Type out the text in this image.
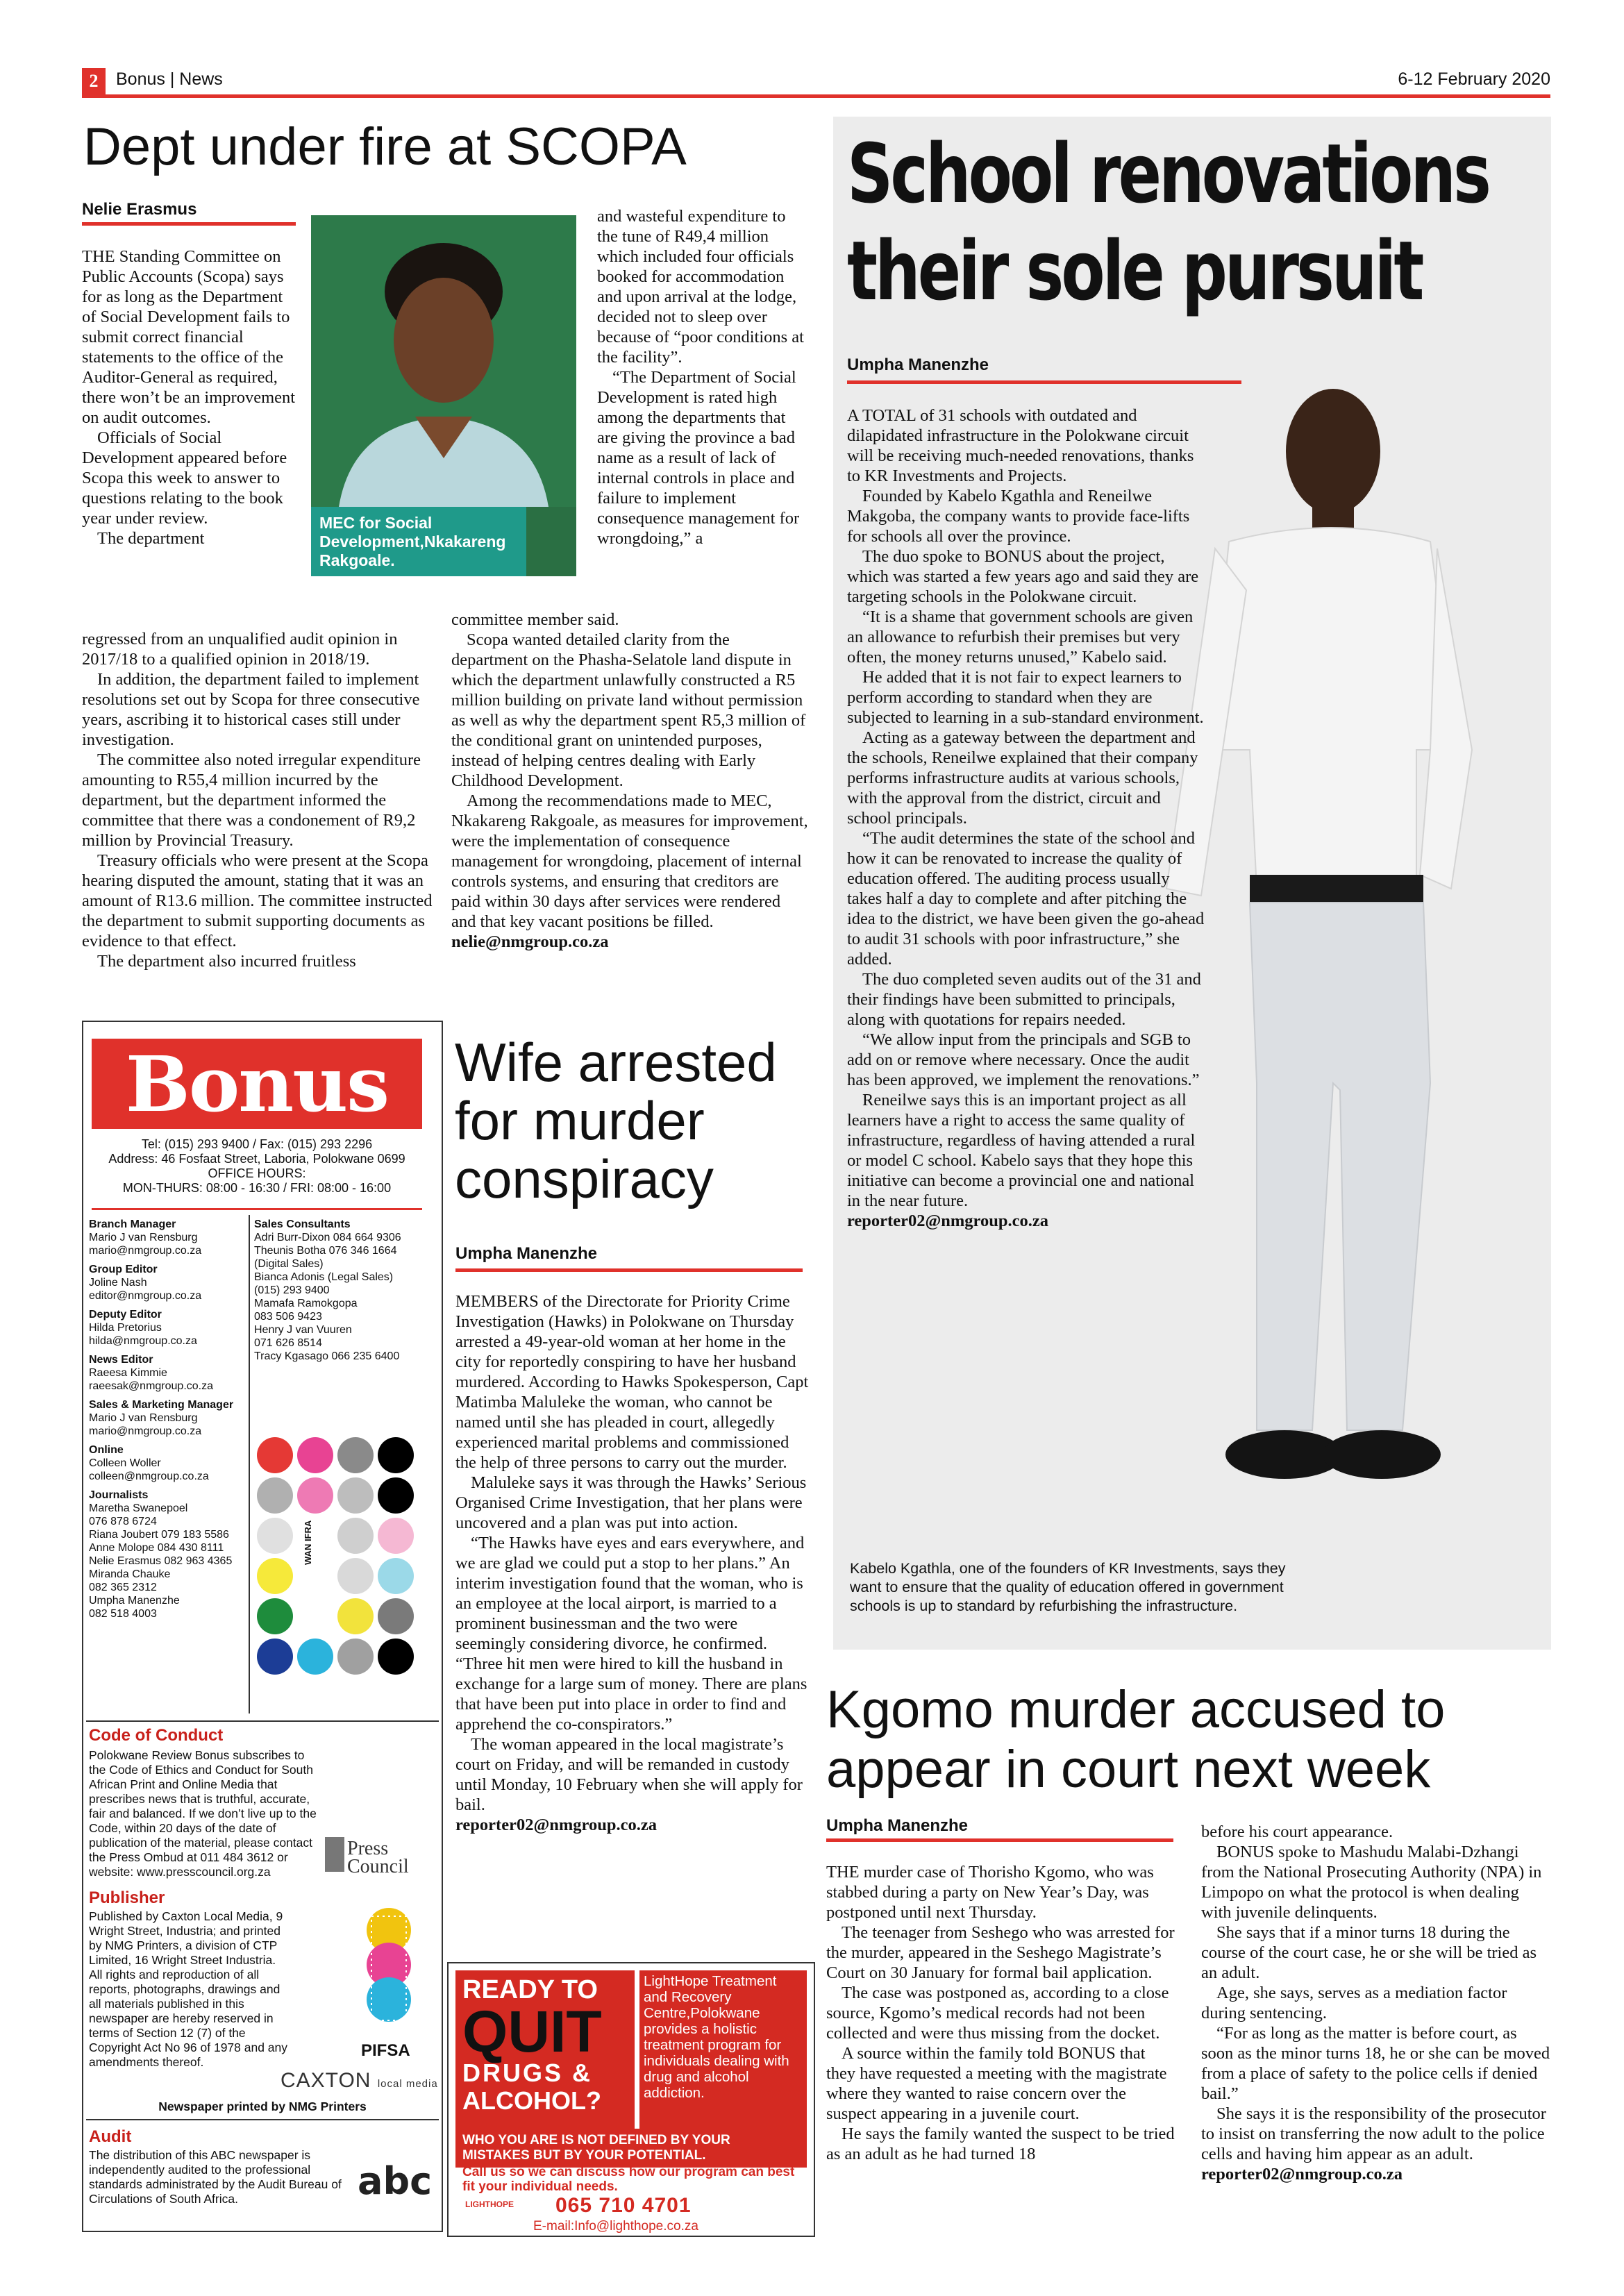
2	Bonus | News	6-12 February 2020
Dept under fire at SCOPA
Nelie Erasmus
MEC for Social Development,Nkakareng Rakgoale.

THE Standing Committee on Public Accounts (Scopa) says for as long as the Department of Social Development fails to submit correct financial statements to the office of the Auditor-General as required, there won’t be an improvement on audit outcomes.

Officials of Social Development appeared before Scopa this week to answer to questions relating to the book year under review.

The department

regressed from an unqualified audit opinion in 2017/18 to a qualified opinion in 2018/19.

In addition, the department failed to implement resolutions set out by Scopa for three consecutive years, ascribing it to historical cases still under investigation.

The committee also noted irregular expenditure amounting to R55,4 million incurred by the department, but the department informed the committee that there was a condonement of R9,2 million by Provincial Treasury.

Treasury officials who were present at the Scopa hearing disputed the amount, stating that it was an amount of R13.6 million. The committee instructed the department to submit supporting documents as evidence to that effect.

The department also incurred fruitless

and wasteful expenditure to the tune of R49,4 million which included four officials booked for accommodation and upon arrival at the lodge, decided not to sleep over because of “poor conditions at the facility”.

“The Department of Social Development is rated high among the departments that are giving the province a bad name as a result of lack of internal controls in place and failure to implement consequence management for wrongdoing,” a

committee member said.

Scopa wanted detailed clarity from the department on the Phasha-Selatole land dispute in which the department unlawfully constructed a R5 million building on private land without permission as well as why the department spent R5,3 million of the conditional grant on unintended purposes, instead of helping centres dealing with Early Childhood Development.

Among the recommendations made to MEC, Nkakareng Rakgoale, as measures for improvement, were the implementation of consequence management for wrongdoing, placement of internal controls systems, and ensuring that creditors are paid within 30 days after services were rendered and that key vacant positions be filled.

nelie@nmgroup.co.za

School renovations
their sole pursuit
Umpha Manenzhe

A TOTAL of 31 schools with outdated and dilapidated infrastructure in the Polokwane circuit will be receiving much-needed renovations, thanks to KR Investments and Projects.

Founded by Kabelo Kgathla and Reneilwe Makgoba, the company wants to provide face-lifts for schools all over the province.

The duo spoke to BONUS about the project, which was started a few years ago and said they are targeting schools in the Polokwane circuit.

“It is a shame that government schools are given an allowance to refurbish their premises but very often, the money returns unused,” Kabelo said.

He added that it is not fair to expect learners to perform according to standard when they are subjected to learning in a sub-standard environment.

Acting as a gateway between the department and the schools, Reneilwe explained that their company performs infrastructure audits at various schools, with the approval from the district, circuit and school principals.

“The audit determines the state of the school and how it can be renovated to increase the quality of education offered. The auditing process usually takes half a day to complete and after pitching the idea to the district, we have been given the go-ahead to audit 31 schools with poor infrastructure,” she added.

The duo completed seven audits out of the 31 and their findings have been submitted to principals, along with quotations for repairs needed.

“We allow input from the principals and SGB to add on or remove where necessary. Once the audit has been approved, we implement the renovations.”

Reneilwe says this is an important project as all learners have a right to access the same quality of infrastructure, regardless of having attended a rural or model C school. Kabelo says that they hope this initiative can become a provincial one and national in the near future.

reporter02@nmgroup.co.za

Kabelo Kgathla, one of the founders of KR Investments, says they want to ensure that the quality of education offered in government schools is up to standard by refurbishing the infrastructure.
Bonus
Tel: (015) 293 9400 / Fax: (015) 293 2296
Address: 46 Fosfaat Street, Laboria, Polokwane 0699
OFFICE HOURS:
MON-THURS: 08:00 - 16:30 / FRI: 08:00 - 16:00
Branch Manager
Mario J van Rensburg
mario@nmgroup.co.za
Group Editor
Joline Nash
editor@nmgroup.co.za
Deputy Editor
Hilda Pretorius
hilda@nmgroup.co.za
News Editor
Raeesa Kimmie
raeesak@nmgroup.co.za
Sales & Marketing Manager
Mario J van Rensburg
mario@nmgroup.co.za
Online
Colleen Woller
colleen@nmgroup.co.za
Journalists
Maretha Swanepoel
076 878 6724
Riana Joubert 079 183 5586
Anne Molope 084 430 8111
Nelie Erasmus 082 963 4365
Miranda Chauke
082 365 2312
Umpha Manenzhe
082 518 4003
Sales Consultants
Adri Burr-Dixon 084 664 9306
Theunis Botha 076 346 1664
(Digital Sales)
Bianca Adonis (Legal Sales)
(015) 293 9400
Mamafa Ramokgopa
083 506 9423
Henry J van Vuuren
071 626 8514
Tracy Kgasago 066 235 6400
WAN IFRA
Code of Conduct
Polokwane Review Bonus subscribes to the Code of Ethics and Conduct for South African Print and Online Media that prescribes news that is truthful, accurate, fair and balanced. If we don’t live up to the Code, within 20 days of the date of publication of the material, please contact the Press Ombud at 011 484 3612 or website: www.presscouncil.org.za
Press Council
Publisher
Published by Caxton Local Media, 9 Wright Street, Industria; and printed by NMG Printers, a division of CTP Limited, 16 Wright Street Industria. All rights and reproduction of all reports, photographs, drawings and all materials published in this newspaper are hereby reserved in terms of Section 12 (7) of the Copyright Act No 96 of 1978 and any amendments thereof.
PIFSA
CAXTON local media
Newspaper printed by NMG Printers
Audit
The distribution of this ABC newspaper is independently audited to the professional standards administrated by the Audit Bureau of Circulations of South Africa.	abc
Wife arrested
for murder
conspiracy
Umpha Manenzhe

MEMBERS of the Directorate for Priority Crime Investigation (Hawks) in Polokwane on Thursday arrested a 49-year-old woman at her home in the city for reportedly conspiring to have her husband murdered. According to Hawks Spokesperson, Capt Matimba Maluleke the woman, who cannot be named until she has pleaded in court, allegedly experienced marital problems and commissioned the help of three persons to carry out the murder.

Maluleke says it was through the Hawks’ Serious Organised Crime Investigation, that her plans were uncovered and a plan was put into action.

“The Hawks have eyes and ears everywhere, and we are glad we could put a stop to her plans.” An interim investigation found that the woman, who is an employee at the local airport, is married to a prominent businessman and the two were seemingly considering divorce, he confirmed. “Three hit men were hired to kill the husband in exchange for a large sum of money. There are plans that have been put into place in order to find and apprehend the co-conspirators.”

The woman appeared in the local magistrate’s court on Friday, and will be remanded in custody until Monday, 10 February when she will apply for bail.

reporter02@nmgroup.co.za

READY TO
QUIT
DRUGS &
ALCOHOL?
LightHope Treatment and Recovery Centre,Polokwane provides a holistic treatment program for individuals dealing with drug and alcohol addiction.
WHO YOU ARE IS NOT DEFINED BY YOUR MISTAKES BUT BY YOUR POTENTIAL.
Call us so we can discuss how our program can best fit your individual needs.
LIGHTHOPE 065 710 4701
E-mail:Info@lighthope.co.za
Kgomo murder accused to
appear in court next week
Umpha Manenzhe

THE murder case of Thorisho Kgomo, who was stabbed during a party on New Year’s Day, was postponed until next Thursday.

The teenager from Seshego who was arrested for the murder, appeared in the Seshego Magistrate’s Court on 30 January for formal bail application.

The case was postponed as, according to a close source, Kgomo’s medical records had not been collected and were thus missing from the docket.

A source within the family told BONUS that they have requested a meeting with the magistrate where they wanted to raise concern over the suspect appearing in a juvenile court.

He says the family wanted the suspect to be tried as an adult as he had turned 18

before his court appearance.

BONUS spoke to Mashudu Malabi-Dzhangi from the National Prosecuting Authority (NPA) in Limpopo on what the protocol is when dealing with juvenile delinquents.

She says that if a minor turns 18 during the course of the court case, he or she will be tried as an adult.

Age, she says, serves as a mediation factor during sentencing.

“For as long as the matter is before court, as soon as the minor turns 18, he or she can be moved from a place of safety to the police cells if denied bail.”

She says it is the responsibility of the prosecutor to insist on transferring the now adult to the police cells and having him appear as an adult.

reporter02@nmgroup.co.za
